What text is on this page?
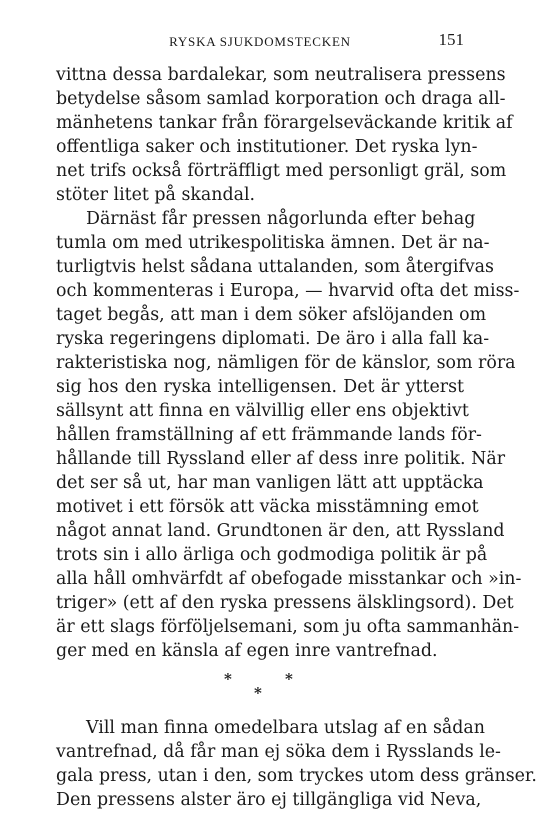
RYSKA SJUKDOMSTECKEN	151
vittna dessa bardalekar, som neutralisera pressens
betydelse såsom samlad korporation och draga all-
mänhetens tankar från förargelseväckande kritik af
offentliga saker och institutioner. Det ryska lyn-
net trifs också förträffligt med personligt gräl, som
stöter litet på skandal.
Därnäst får pressen någorlunda efter behag
tumla om med utrikespolitiska ämnen. Det är na-
turligtvis helst sådana uttalanden, som återgifvas
och kommenteras i Europa, — hvarvid ofta det miss-
taget begås, att man i dem söker afslöjanden om
ryska regeringens diplomati. De äro i alla fall ka-
rakteristiska nog, nämligen för de känslor, som röra
sig hos den ryska intelligensen. Det är ytterst
sällsynt att finna en välvillig eller ens objektivt
hållen framställning af ett främmande lands för-
hållande till Ryssland eller af dess inre politik. När
det ser så ut, har man vanligen lätt att upptäcka
motivet i ett försök att väcka misstämning emot
något annat land. Grundtonen är den, att Ryssland
trots sin i allo ärliga och godmodiga politik är på
alla håll omhvärfdt af obefogade misstankar och »in-
triger» (ett af den ryska pressens älsklingsord). Det
är ett slags förföljelsemani, som ju ofta sammanhän-
ger med en känsla af egen inre vantrefnad.
*	*
*
Vill man finna omedelbara utslag af en sådan
vantrefnad, då får man ej söka dem i Rysslands le-
gala press, utan i den, som tryckes utom dess gränser.
Den pressens alster äro ej tillgängliga vid Neva,
